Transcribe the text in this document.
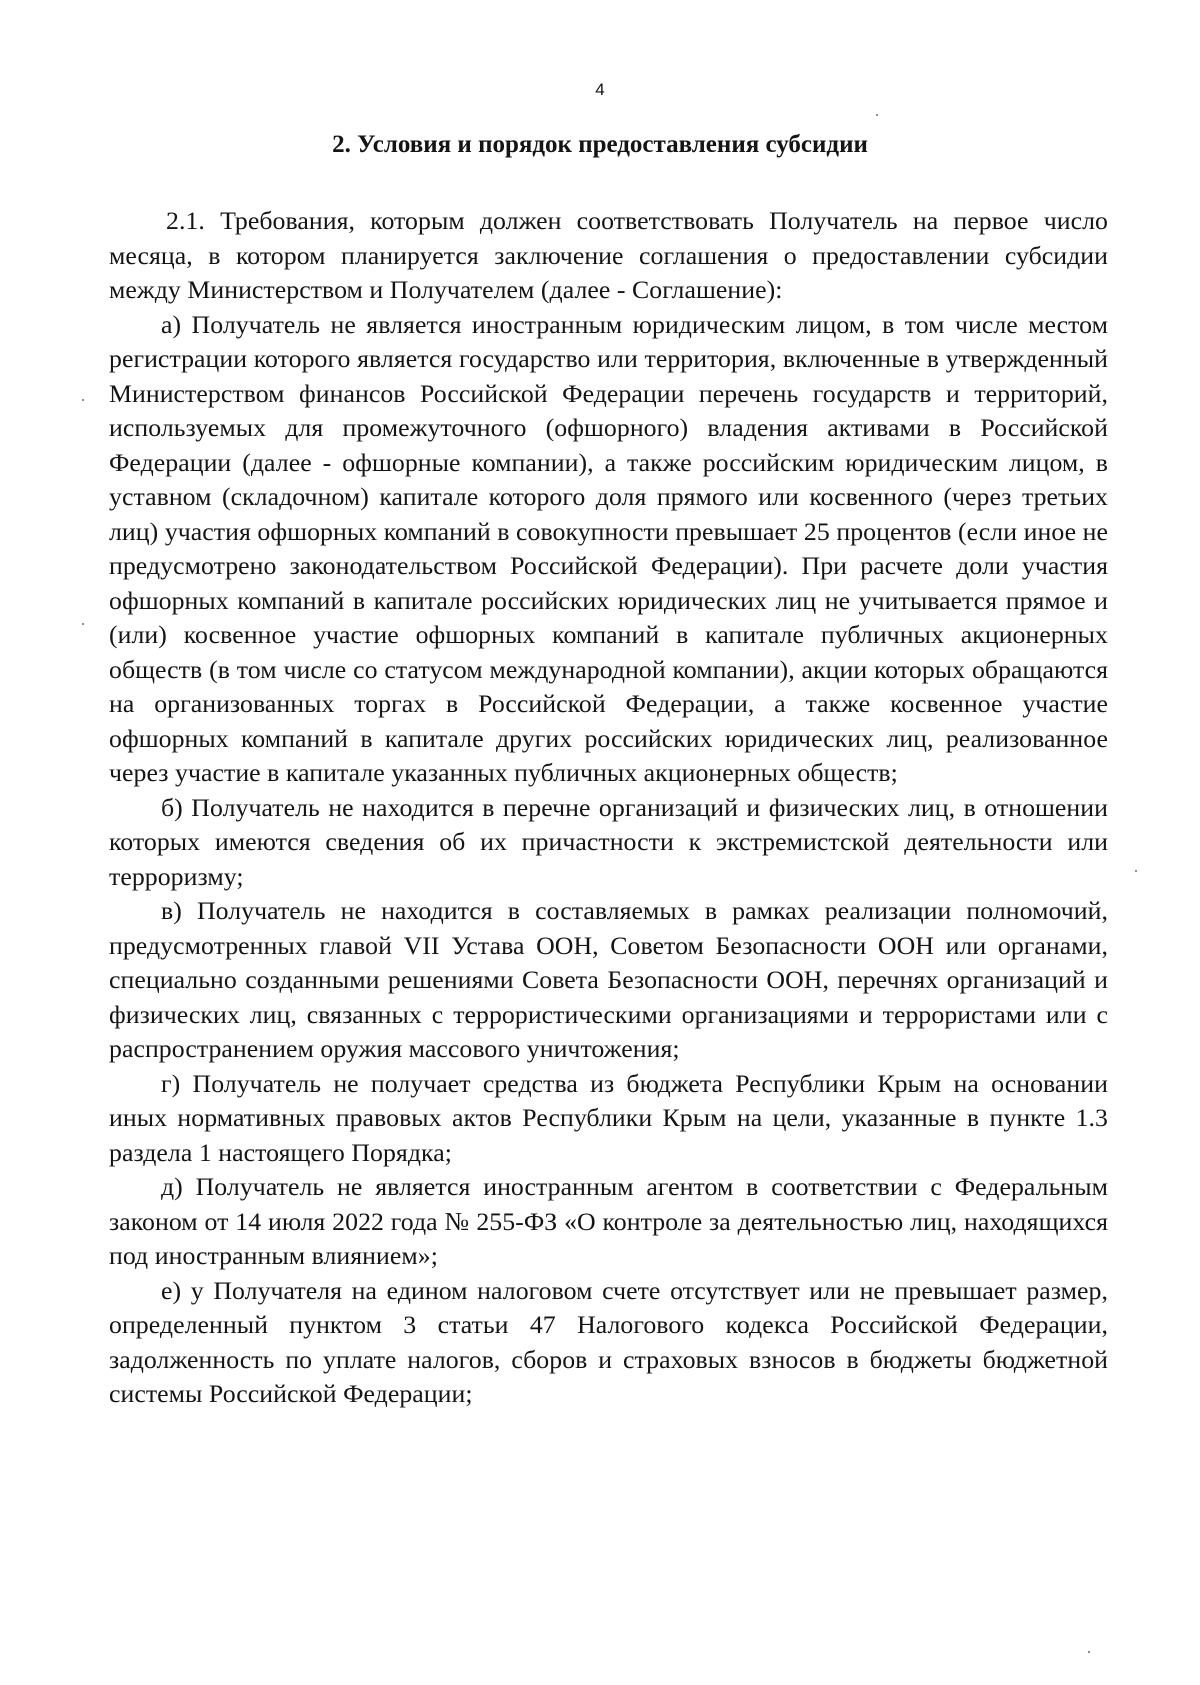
4
2. Условия и порядок предоставления субсидии

2.1. Требования, которым должен соответствовать Получатель на первое число месяца, в котором планируется заключение соглашения о предоставлении субсидии между Министерством и Получателем (далее - Соглашение):

а) Получатель не является иностранным юридическим лицом, в том числе местом регистрации которого является государство или территория, включенные в утвержденный Министерством финансов Российской Федерации перечень государств и территорий, используемых для промежуточного (офшорного) владения активами в Российской Федерации (далее - офшорные компании), а также российским юридическим лицом, в уставном (складочном) капитале которого доля прямого или косвенного (через третьих лиц) участия офшорных компаний в совокупности превышает 25 процентов (если иное не предусмотрено законодательством Российской Федерации). При расчете доли участия офшорных компаний в капитале российских юридических лиц не учитывается прямое и (или) косвенное участие офшорных компаний в капитале публичных акционерных обществ (в том числе со статусом международной компании), акции которых обращаются на организованных торгах в Российской Федерации, а также косвенное участие офшорных компаний в капитале других российских юридических лиц, реализованное через участие в капитале указанных публичных акционерных обществ;

б) Получатель не находится в перечне организаций и физических лиц, в отношении которых имеются сведения об их причастности к экстремистской деятельности или терроризму;

в) Получатель не находится в составляемых в рамках реализации полномочий, предусмотренных главой VII Устава ООН, Советом Безопасности ООН или органами, специально созданными решениями Совета Безопасности ООН, перечнях организаций и физических лиц, связанных с террористическими организациями и террористами или с распространением оружия массового уничтожения;

г) Получатель не получает средства из бюджета Республики Крым на основании иных нормативных правовых актов Республики Крым на цели, указанные в пункте 1.3 раздела 1 настоящего Порядка;

д) Получатель не является иностранным агентом в соответствии с Федеральным законом от 14 июля 2022 года № 255-ФЗ «О контроле за деятельностью лиц, находящихся под иностранным влиянием»;

е) у Получателя на едином налоговом счете отсутствует или не превышает размер, определенный пунктом 3 статьи 47 Налогового кодекса Российской Федерации, задолженность по уплате налогов, сборов и страховых взносов в бюджеты бюджетной системы Российской Федерации;
